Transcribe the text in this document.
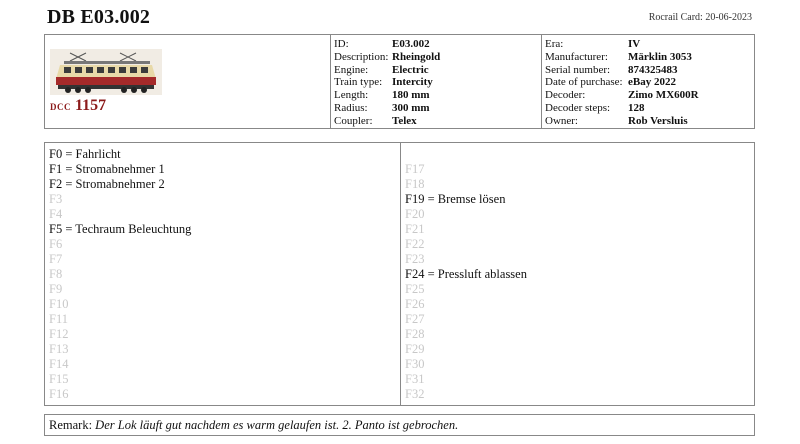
DB E03.002	Rocrail Card: 20-06-2023
DCC 1157
ID:	E03.002
Description: Rheingold
Engine: Electric
Train type: Intercity
Length: 180 mm
Radius: 300 mm
Coupler: Telex
Era:	IV
Manufacturer: Märklin 3053
Serial number: 874325483
Date of purchase: eBay 2022
Decoder:	Zimo MX600R
Decoder steps: 128
Owner:	Rob Versluis
F0 = Fahrlicht
F1 = Stromabnehmer 1
F2 = Stromabnehmer 2
F3
F4
F5 = Techraum Beleuchtung
F6
F7
F8
F9
F10
F11
F12
F13
F14
F15
F16
F17
F18
F19 = Bremse lösen
F20
F21
F22
F23
F24 = Pressluft ablassen
F25
F26
F27
F28
F29
F30
F31
F32
Remark: Der Lok läuft gut nachdem es warm gelaufen ist. 2. Panto ist gebrochen.
